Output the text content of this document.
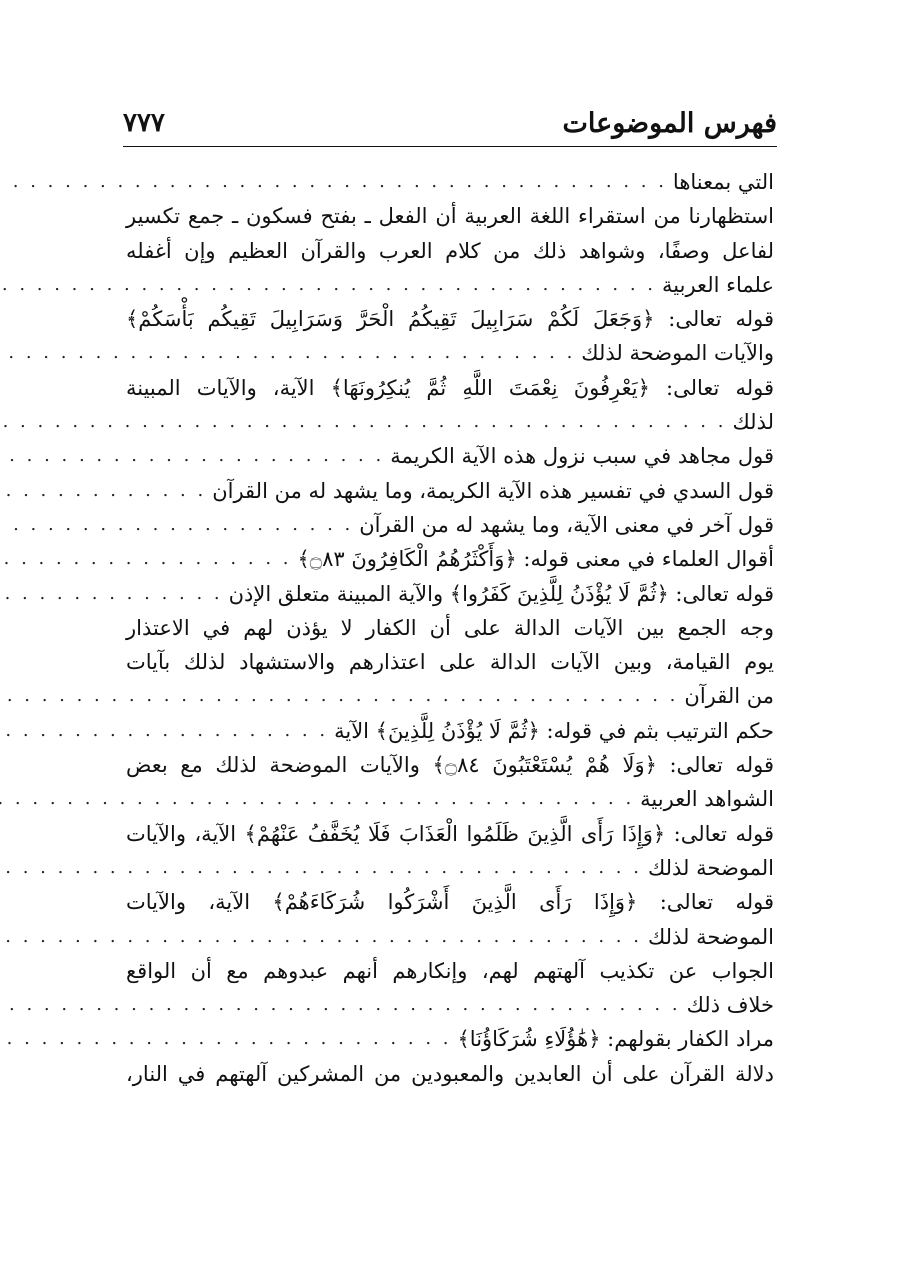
فهرس الموضوعات
٧٧٧
التي بمعناها
. . .
استظهارنا من استقراء اللغة العربية أن الفعل ـ بفتح فسكون ـ جمع تكسير
لفاعل وصفًا، وشواهد ذلك من كلام العرب والقرآن العظيم وإن أغفله
علماء العربية
. . .
قوله تعالى: ﴿وَجَعَلَ لَكُمْ سَرَابِيلَ تَقِيكُمُ الْحَرَّ وَسَرَابِيلَ تَقِيكُم بَأْسَكُمْ﴾
والآيات الموضحة لذلك
. . .
قوله تعالى: ﴿يَعْرِفُونَ نِعْمَتَ اللَّهِ ثُمَّ يُنكِرُونَهَا﴾ الآية، والآيات المبينة
لذلك
. . .
قول مجاهد في سبب نزول هذه الآية الكريمة
. . .
قول السدي في تفسير هذه الآية الكريمة، وما يشهد له من القرآن
. . .
قول آخر في معنى الآية، وما يشهد له من القرآن
. . .
أقوال العلماء في معنى قوله: ﴿وَأَكْثَرُهُمُ الْكَافِرُونَ ۝٨٣﴾
. . .
قوله تعالى: ﴿ثُمَّ لَا يُؤْذَنُ لِلَّذِينَ كَفَرُوا﴾ والآية المبينة متعلق الإذن
. . .
وجه الجمع بين الآيات الدالة على أن الكفار لا يؤذن لهم في الاعتذار
يوم القيامة، وبين الآيات الدالة على اعتذارهم والاستشهاد لذلك بآيات
من القرآن
. . .
حكم الترتيب بثم في قوله: ﴿ثُمَّ لَا يُؤْذَنُ لِلَّذِينَ﴾ الآية
. . .
قوله تعالى: ﴿وَلَا هُمْ يُسْتَعْتَبُونَ ۝٨٤﴾ والآيات الموضحة لذلك مع بعض
الشواهد العربية
. . .
قوله تعالى: ﴿وَإِذَا رَأَى الَّذِينَ ظَلَمُوا الْعَذَابَ فَلَا يُخَفَّفُ عَنْهُمْ﴾ الآية، والآيات
الموضحة لذلك
. . .
قوله تعالى: ﴿وَإِذَا رَأَى الَّذِينَ أَشْرَكُوا شُرَكَاءَهُمْ﴾ الآية، والآيات
الموضحة لذلك
. . .
الجواب عن تكذيب آلهتهم لهم، وإنكارهم أنهم عبدوهم مع أن الواقع
خلاف ذلك
. . .
مراد الكفار بقولهم: ﴿هَٰؤُلَاءِ شُرَكَاؤُنَا﴾
. . .
دلالة القرآن على أن العابدين والمعبودين من المشركين آلهتهم في النار،
